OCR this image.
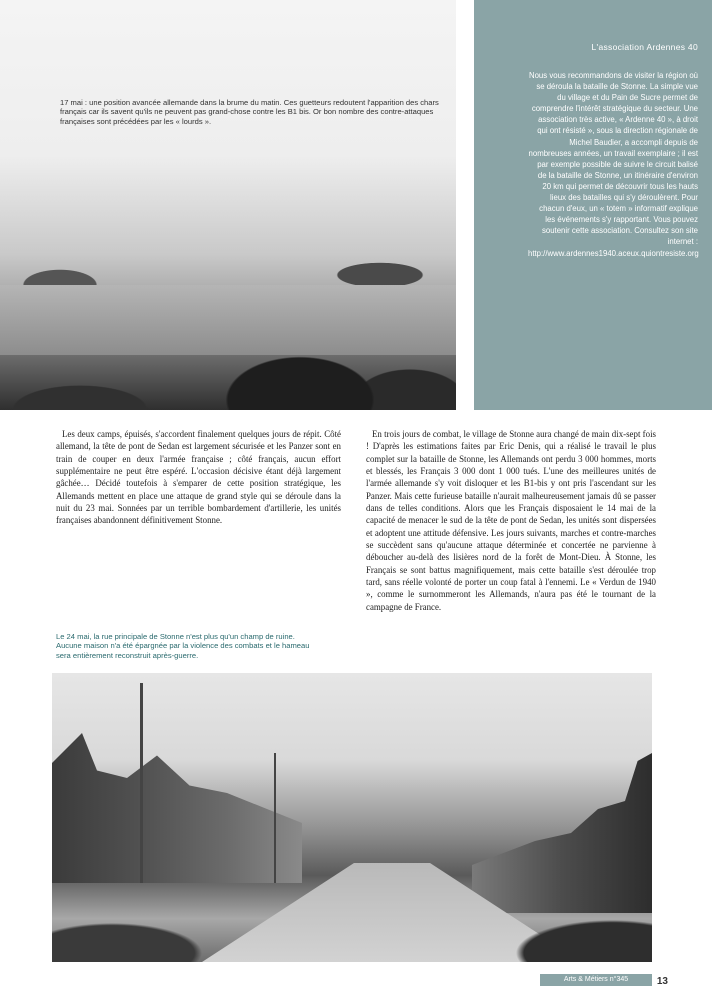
17 mai : une position avancée allemande dans la brume du matin. Ces guetteurs redoutent l'apparition des chars français car ils savent qu'ils ne peuvent pas grand-chose contre les B1 bis. Or bon nombre des contre-attaques françaises sont précédées par les « lourds ».
L'association Ardennes 40
Nous vous recommandons de visiter la région où se déroula la bataille de Stonne. La simple vue du village et du Pain de Sucre permet de comprendre l'intérêt stratégique du secteur. Une association très active, « Ardenne 40 », à droit qui ont résisté », sous la direction régionale de Michel Baudier, a accompli depuis de nombreuses années, un travail exemplaire ; il est par exemple possible de suivre le circuit balisé de la bataille de Stonne, un itinéraire d'environ 20 km qui permet de découvrir tous les hauts lieux des batailles qui s'y déroulèrent. Pour chacun d'eux, un « totem » informatif explique les événements s'y rapportant. Vous pouvez soutenir cette association. Consultez son site internet : http://www.ardennes1940.aceux.quiontresiste.org
Les deux camps, épuisés, s'accordent finalement quelques jours de répit. Côté allemand, la tête de pont de Sedan est largement sécurisée et les Panzer sont en train de couper en deux l'armée française ; côté français, aucun effort supplémentaire ne peut être espéré. L'occasion décisive étant déjà largement gâchée… Décidé toutefois à s'emparer de cette position stratégique, les Allemands mettent en place une attaque de grand style qui se déroule dans la nuit du 23 mai. Sonnées par un terrible bombardement d'artillerie, les unités françaises abandonnent définitivement Stonne.
En trois jours de combat, le village de Stonne aura changé de main dix-sept fois ! D'après les estimations faites par Eric Denis, qui a réalisé le travail le plus complet sur la bataille de Stonne, les Allemands ont perdu 3 000 hommes, morts et blessés, les Français 3 000 dont 1 000 tués. L'une des meilleures unités de l'armée allemande s'y voit disloquer et les B1-bis y ont pris l'ascendant sur les Panzer. Mais cette furieuse bataille n'aurait malheureusement jamais dû se passer dans de telles conditions. Alors que les Français disposaient le 14 mai de la capacité de menacer le sud de la tête de pont de Sedan, les unités sont dispersées et adoptent une attitude défensive. Les jours suivants, marches et contre-marches se succèdent sans qu'aucune attaque déterminée et concertée ne parvienne à déboucher au-delà des lisières nord de la forêt de Mont-Dieu. À Stonne, les Français se sont battus magnifiquement, mais cette bataille s'est déroulée trop tard, sans réelle volonté de porter un coup fatal à l'ennemi. Le « Verdun de 1940 », comme le surnommeront les Allemands, n'aura pas été le tournant de la campagne de France.
Le 24 mai, la rue principale de Stonne n'est plus qu'un champ de ruine. Aucune maison n'a été épargnée par la violence des combats et le hameau sera entièrement reconstruit après-guerre.
Arts & Métiers n°345	13
